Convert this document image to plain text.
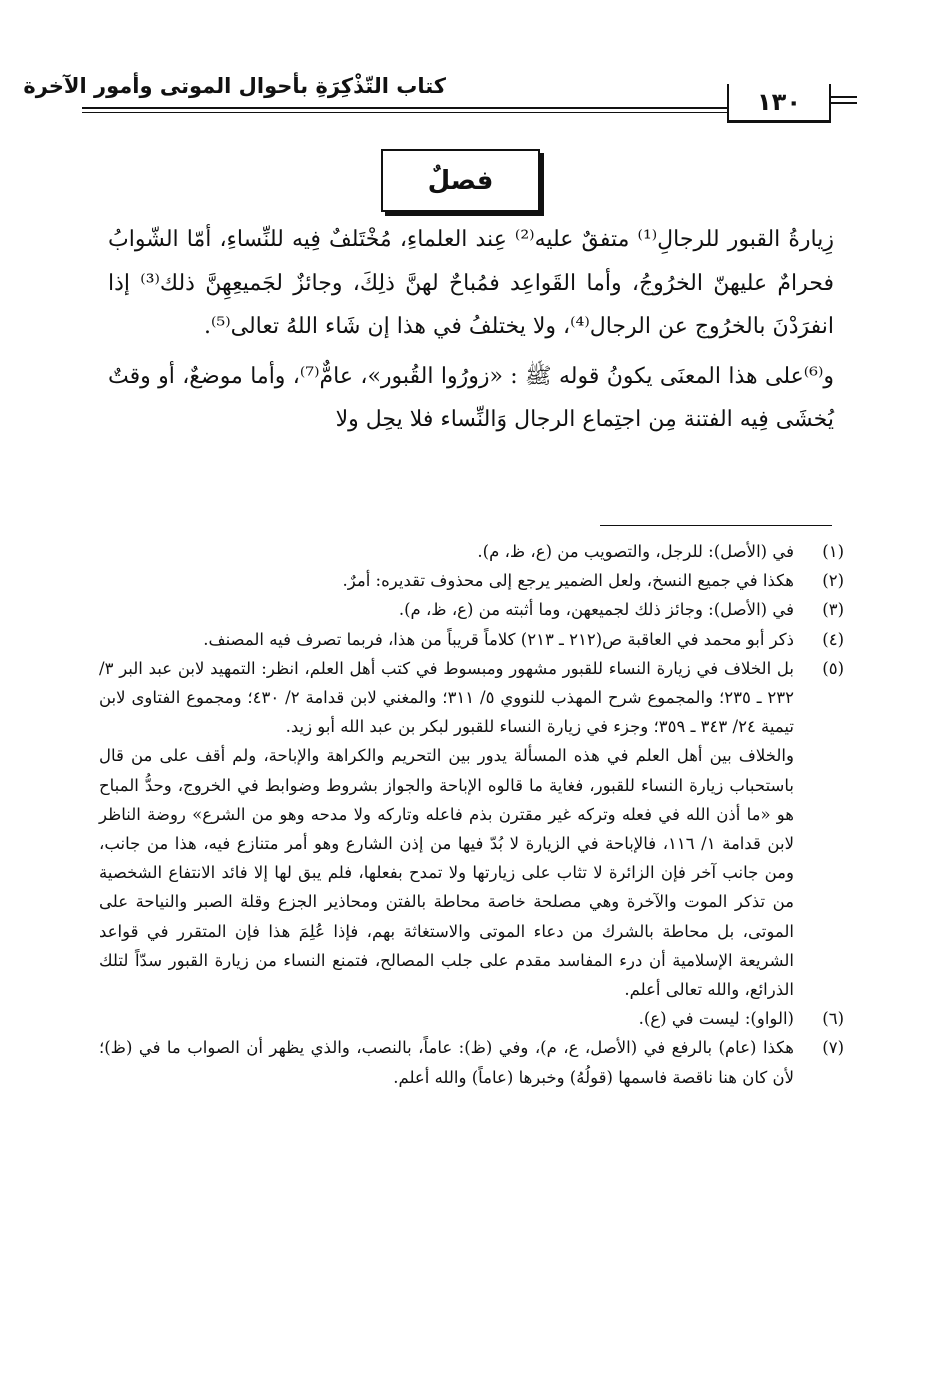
كتاب التّذْكِرَةِ بأحوال الموتى وأمور الآخرة
١٣٠
فصلٌ

زِيارةُ القبور للرجالِ⁽¹⁾ متفقٌ عليه⁽²⁾ عِند العلماءِ، مُخْتَلفٌ فِيه للنِّساءِ، أمّا الشّوابُ فحرامٌ عليهنّ الخرُوجُ، وأما القَواعِد فمُباحٌ لهنَّ ذلِكَ، وجائزٌ لجَميعِهِنَّ ذلك⁽³⁾ إذا انفرَدْنَ بالخرُوج عن الرجال⁽⁴⁾، ولا يختلفُ في هذا إن شَاء اللهُ تعالى⁽⁵⁾.

و⁽⁶⁾على هذا المعنَى يكونُ قوله ﷺ : «زورُوا القُبور»، عامٌّ⁽⁷⁾، وأما موضعٌ، أو وقتٌ يُخشَى فِيه الفتنة مِن اجتِماع الرجال وَالنِّساء فلا يحِل ولا

(١)

في (الأصل): للرجل، والتصويب من (ع، ظ، م).

(٢)

هكذا في جميع النسخ، ولعل الضمير يرجع إلى محذوف تقديره: أمرٌ.

(٣)

في (الأصل): وجائز ذلك لجميعهن، وما أثبته من (ع، ظ، م).

(٤)

ذكر أبو محمد في العاقبة ص(٢١٢ ـ ٢١٣) كلاماً قريباً من هذا، فربما تصرف فيه المصنف.

(٥)

بل الخلاف في زيارة النساء للقبور مشهور ومبسوط في كتب أهل العلم، انظر: التمهيد لابن عبد البر ٣/ ٢٣٢ ـ ٢٣٥؛ والمجموع شرح المهذب للنووي ٥/ ٣١١؛ والمغني لابن قدامة ٢/ ٤٣٠؛ ومجموع الفتاوى لابن تيمية ٢٤/ ٣٤٣ ـ ٣٥٩؛ وجزء في زيارة النساء للقبور لبكر بن عبد الله أبو زيد.

والخلاف بين أهل العلم في هذه المسألة يدور بين التحريم والكراهة والإباحة، ولم أقف على من قال باستحباب زيارة النساء للقبور، فغاية ما قالوه الإباحة والجواز بشروط وضوابط في الخروج، وحدُّ المباح هو «ما أذن الله في فعله وتركه غير مقترن بذم فاعله وتاركه ولا مدحه وهو من الشرع» روضة الناظر لابن قدامة ١/ ١١٦، فالإباحة في الزيارة لا بُدّ فيها من إذن الشارع وهو أمر متنازع فيه، هذا من جانب، ومن جانب آخر فإن الزائرة لا تثاب على زيارتها ولا تمدح بفعلها، فلم يبق لها إلا فائد الانتفاع الشخصية من تذكر الموت والآخرة وهي مصلحة خاصة محاطة بالفتن ومحاذير الجزع وقلة الصبر والنياحة على الموتى، بل محاطة بالشرك من دعاء الموتى والاستغاثة بهم، فإذا عُلِمَ هذا فإن المتقرر في قواعد الشريعة الإسلامية أن درء المفاسد مقدم على جلب المصالح، فتمنع النساء من زيارة القبور سدّاً لتلك الذرائع، والله تعالى أعلم.

(٦)

(الواو): ليست في (ع).

(٧)

هكذا (عام) بالرفع في (الأصل، ع، م)، وفي (ظ): عاماً، بالنصب، والذي يظهر أن الصواب ما في (ظ)؛ لأن كان هنا ناقصة فاسمها (قولُهُ) وخبرها (عاماً) والله أعلم.
